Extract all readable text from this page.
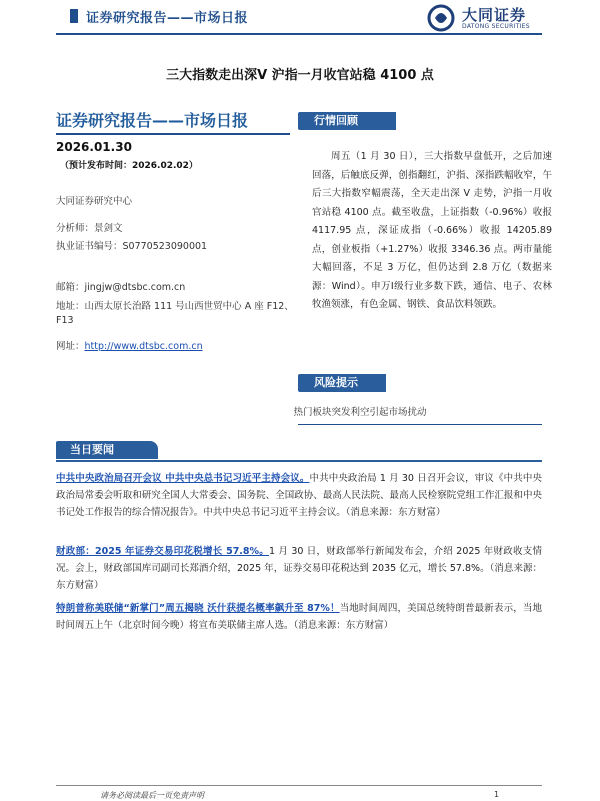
证券研究报告——市场日报	大同证券
DATONG SECURITIES
三大指数走出深V 沪指一月收官站稳 4100 点
证券研究报告——市场日报
2026.01.30
（预计发布时间：2026.02.02）
大同证券研究中心
分析师：景剑文
执业证书编号：S0770523090001
邮箱：jingjw@dtsbc.com.cn
地址：山西太原长治路 111 号山西世贸中心 A 座 F12、F13
网址：http://www.dtsbc.com.cn
行情回顾
周五（1 月 30 日），三大指数早盘低开，之后加速回落，后触底反弹，创指翻红，沪指、深指跌幅收窄，午后三大指数窄幅震荡，全天走出深 V 走势，沪指一月收官站稳 4100 点。截至收盘，上证指数（-0.96%）收报 4117.95 点，深证成指（-0.66%）收报 14205.89 点，创业板指（+1.27%）收报 3346.36 点。两市量能大幅回落，不足 3 万亿，但仍达到 2.8 万亿（数据来源：Wind）。申万Ⅰ级行业多数下跌，通信、电子、农林牧渔领涨，有色金属、钢铁、食品饮料领跌。
风险提示
热门板块突发利空引起市场扰动
当日要闻
中共中央政治局召开会议 中共中央总书记习近平主持会议。中共中央政治局 1 月 30 日召开会议，审议《中共中央政治局常委会听取和研究全国人大常委会、国务院、全国政协、最高人民法院、最高人民检察院党组工作汇报和中央书记处工作报告的综合情况报告》。中共中央总书记习近平主持会议。（消息来源：东方财富）
财政部：2025 年证券交易印花税增长 57.8%。1 月 30 日，财政部举行新闻发布会，介绍 2025 年财政收支情况。会上，财政部国库司副司长郑酒介绍，2025 年，证券交易印花税达到 2035 亿元，增长 57.8%。（消息来源：东方财富）
特朗普称美联储“新掌门”周五揭晓 沃什获提名概率飙升至 87%！当地时间周四，美国总统特朗普最新表示，当地时间周五上午（北京时间今晚）将宣布美联储主席人选。（消息来源：东方财富）
请务必阅读最后一页免责声明	1
